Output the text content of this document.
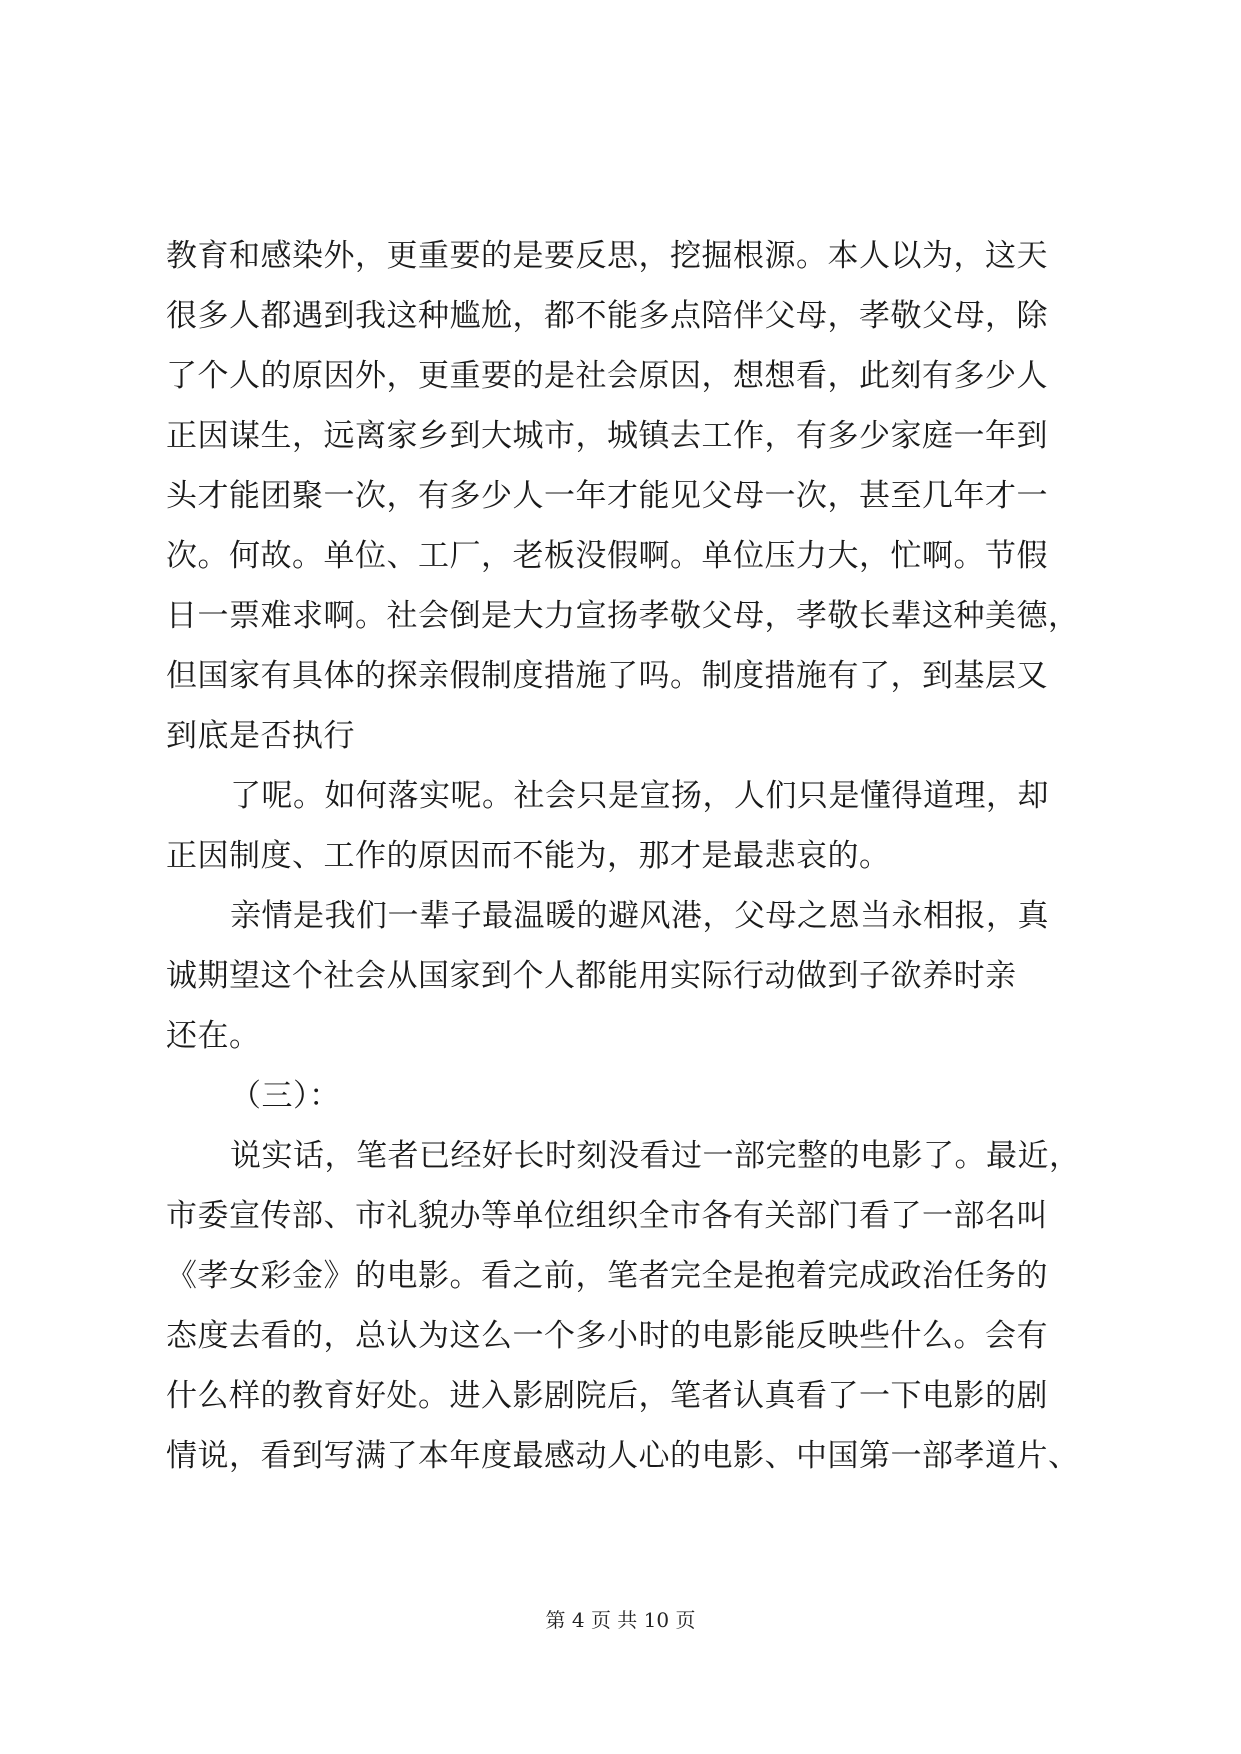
教育和感染外，更重要的是要反思，挖掘根源。本人以为，这天
很多人都遇到我这种尴尬，都不能多点陪伴父母，孝敬父母，除
了个人的原因外，更重要的是社会原因，想想看，此刻有多少人
正因谋生，远离家乡到大城市，城镇去工作，有多少家庭一年到
头才能团聚一次，有多少人一年才能见父母一次，甚至几年才一
次。何故。单位、工厂，老板没假啊。单位压力大，忙啊。节假
日一票难求啊。社会倒是大力宣扬孝敬父母，孝敬长辈这种美德，
但国家有具体的探亲假制度措施了吗。制度措施有了，到基层又
到底是否执行
了呢。如何落实呢。社会只是宣扬，人们只是懂得道理，却
正因制度、工作的原因而不能为，那才是最悲哀的。
亲情是我们一辈子最温暖的避风港，父母之恩当永相报，真
诚期望这个社会从国家到个人都能用实际行动做到子欲养时亲
还在。
（三）：
说实话，笔者已经好长时刻没看过一部完整的电影了。最近，
市委宣传部、市礼貌办等单位组织全市各有关部门看了一部名叫
《孝女彩金》的电影。看之前，笔者完全是抱着完成政治任务的
态度去看的，总认为这么一个多小时的电影能反映些什么。会有
什么样的教育好处。进入影剧院后，笔者认真看了一下电影的剧
情说，看到写满了本年度最感动人心的电影、中国第一部孝道片、
第 4 页 共 10 页
